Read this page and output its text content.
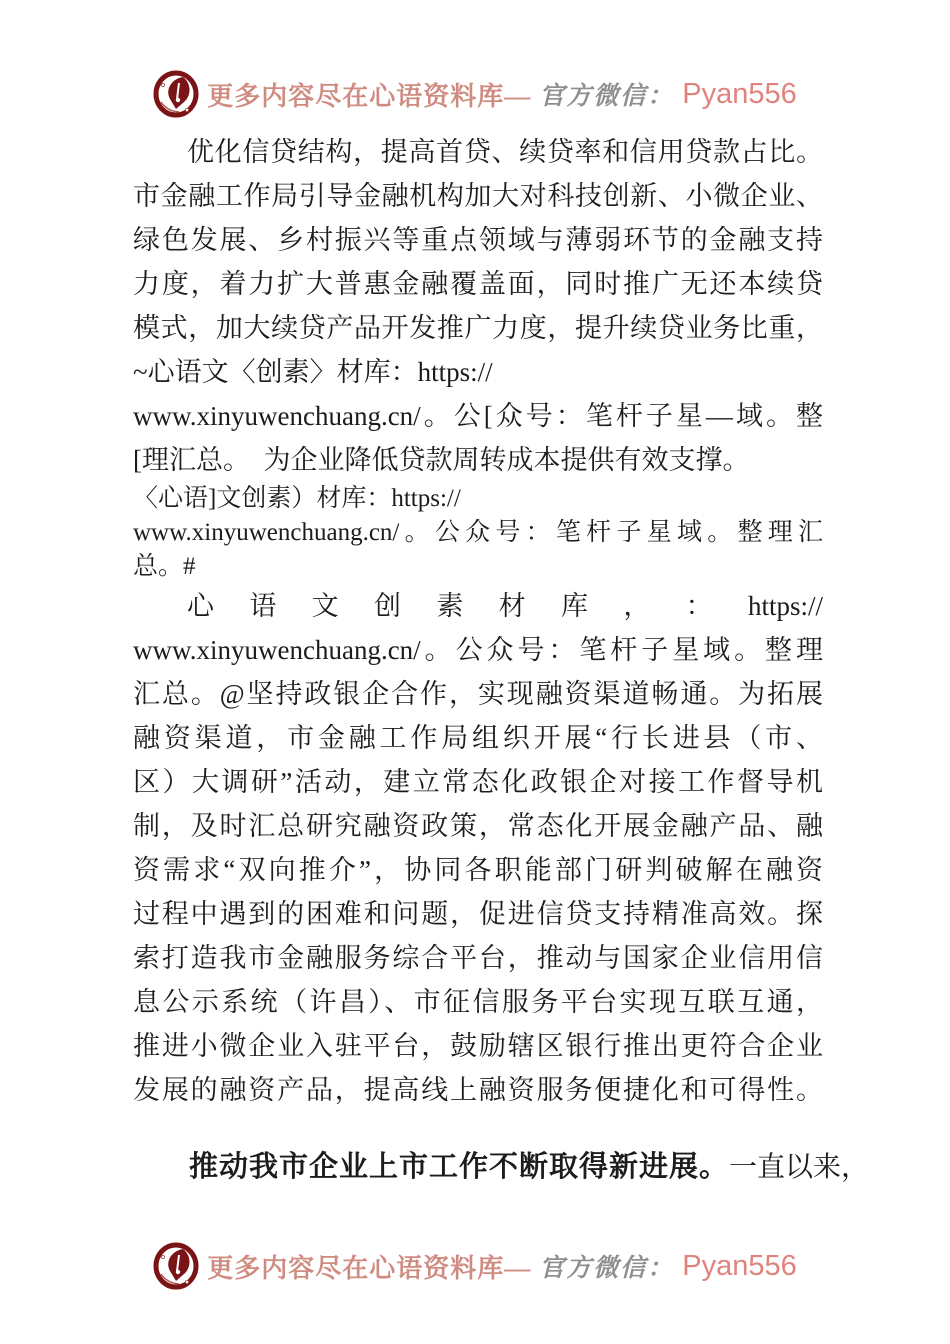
更多内容尽在心语资料库— 官方微信： Pyan556
优化信贷结构，提高首贷、续贷率和信用贷款占比。
市金融工作局引导金融机构加大对科技创新、小微企业、
绿色发展、乡村振兴等重点领域与薄弱环节的金融支持
力度，着力扩大普惠金融覆盖面，同时推广无还本续贷
模式，加大续贷产品开发推广力度，提升续贷业务比重，
~心语文〈创素〉材库：https://
www.xinyuwenchuang.cn/。公[众号：笔杆子星—域。整
[理汇总。　为企业降低贷款周转成本提供有效支撑。
〈心语]文创素）材库：https://
www.xinyuwenchuang.cn/。公众号：笔杆子星域。整理汇
总。#
心 语 文 创 素 材 库 ， ： https://
www.xinyuwenchuang.cn/。公众号：笔杆子星域。整理
汇总。@坚持政银企合作，实现融资渠道畅通。为拓展
融资渠道，市金融工作局组织开展“行长进县（市、
区）大调研”活动，建立常态化政银企对接工作督导机
制，及时汇总研究融资政策，常态化开展金融产品、融
资需求“双向推介”，协同各职能部门研判破解在融资
过程中遇到的困难和问题，促进信贷支持精准高效。探
索打造我市金融服务综合平台，推动与国家企业信用信
息公示系统（许昌）、市征信服务平台实现互联互通，
推进小微企业入驻平台，鼓励辖区银行推出更符合企业
发展的融资产品，提高线上融资服务便捷化和可得性。
推动我市企业上市工作不断取得新进展。一直以来，
更多内容尽在心语资料库— 官方微信： Pyan556
